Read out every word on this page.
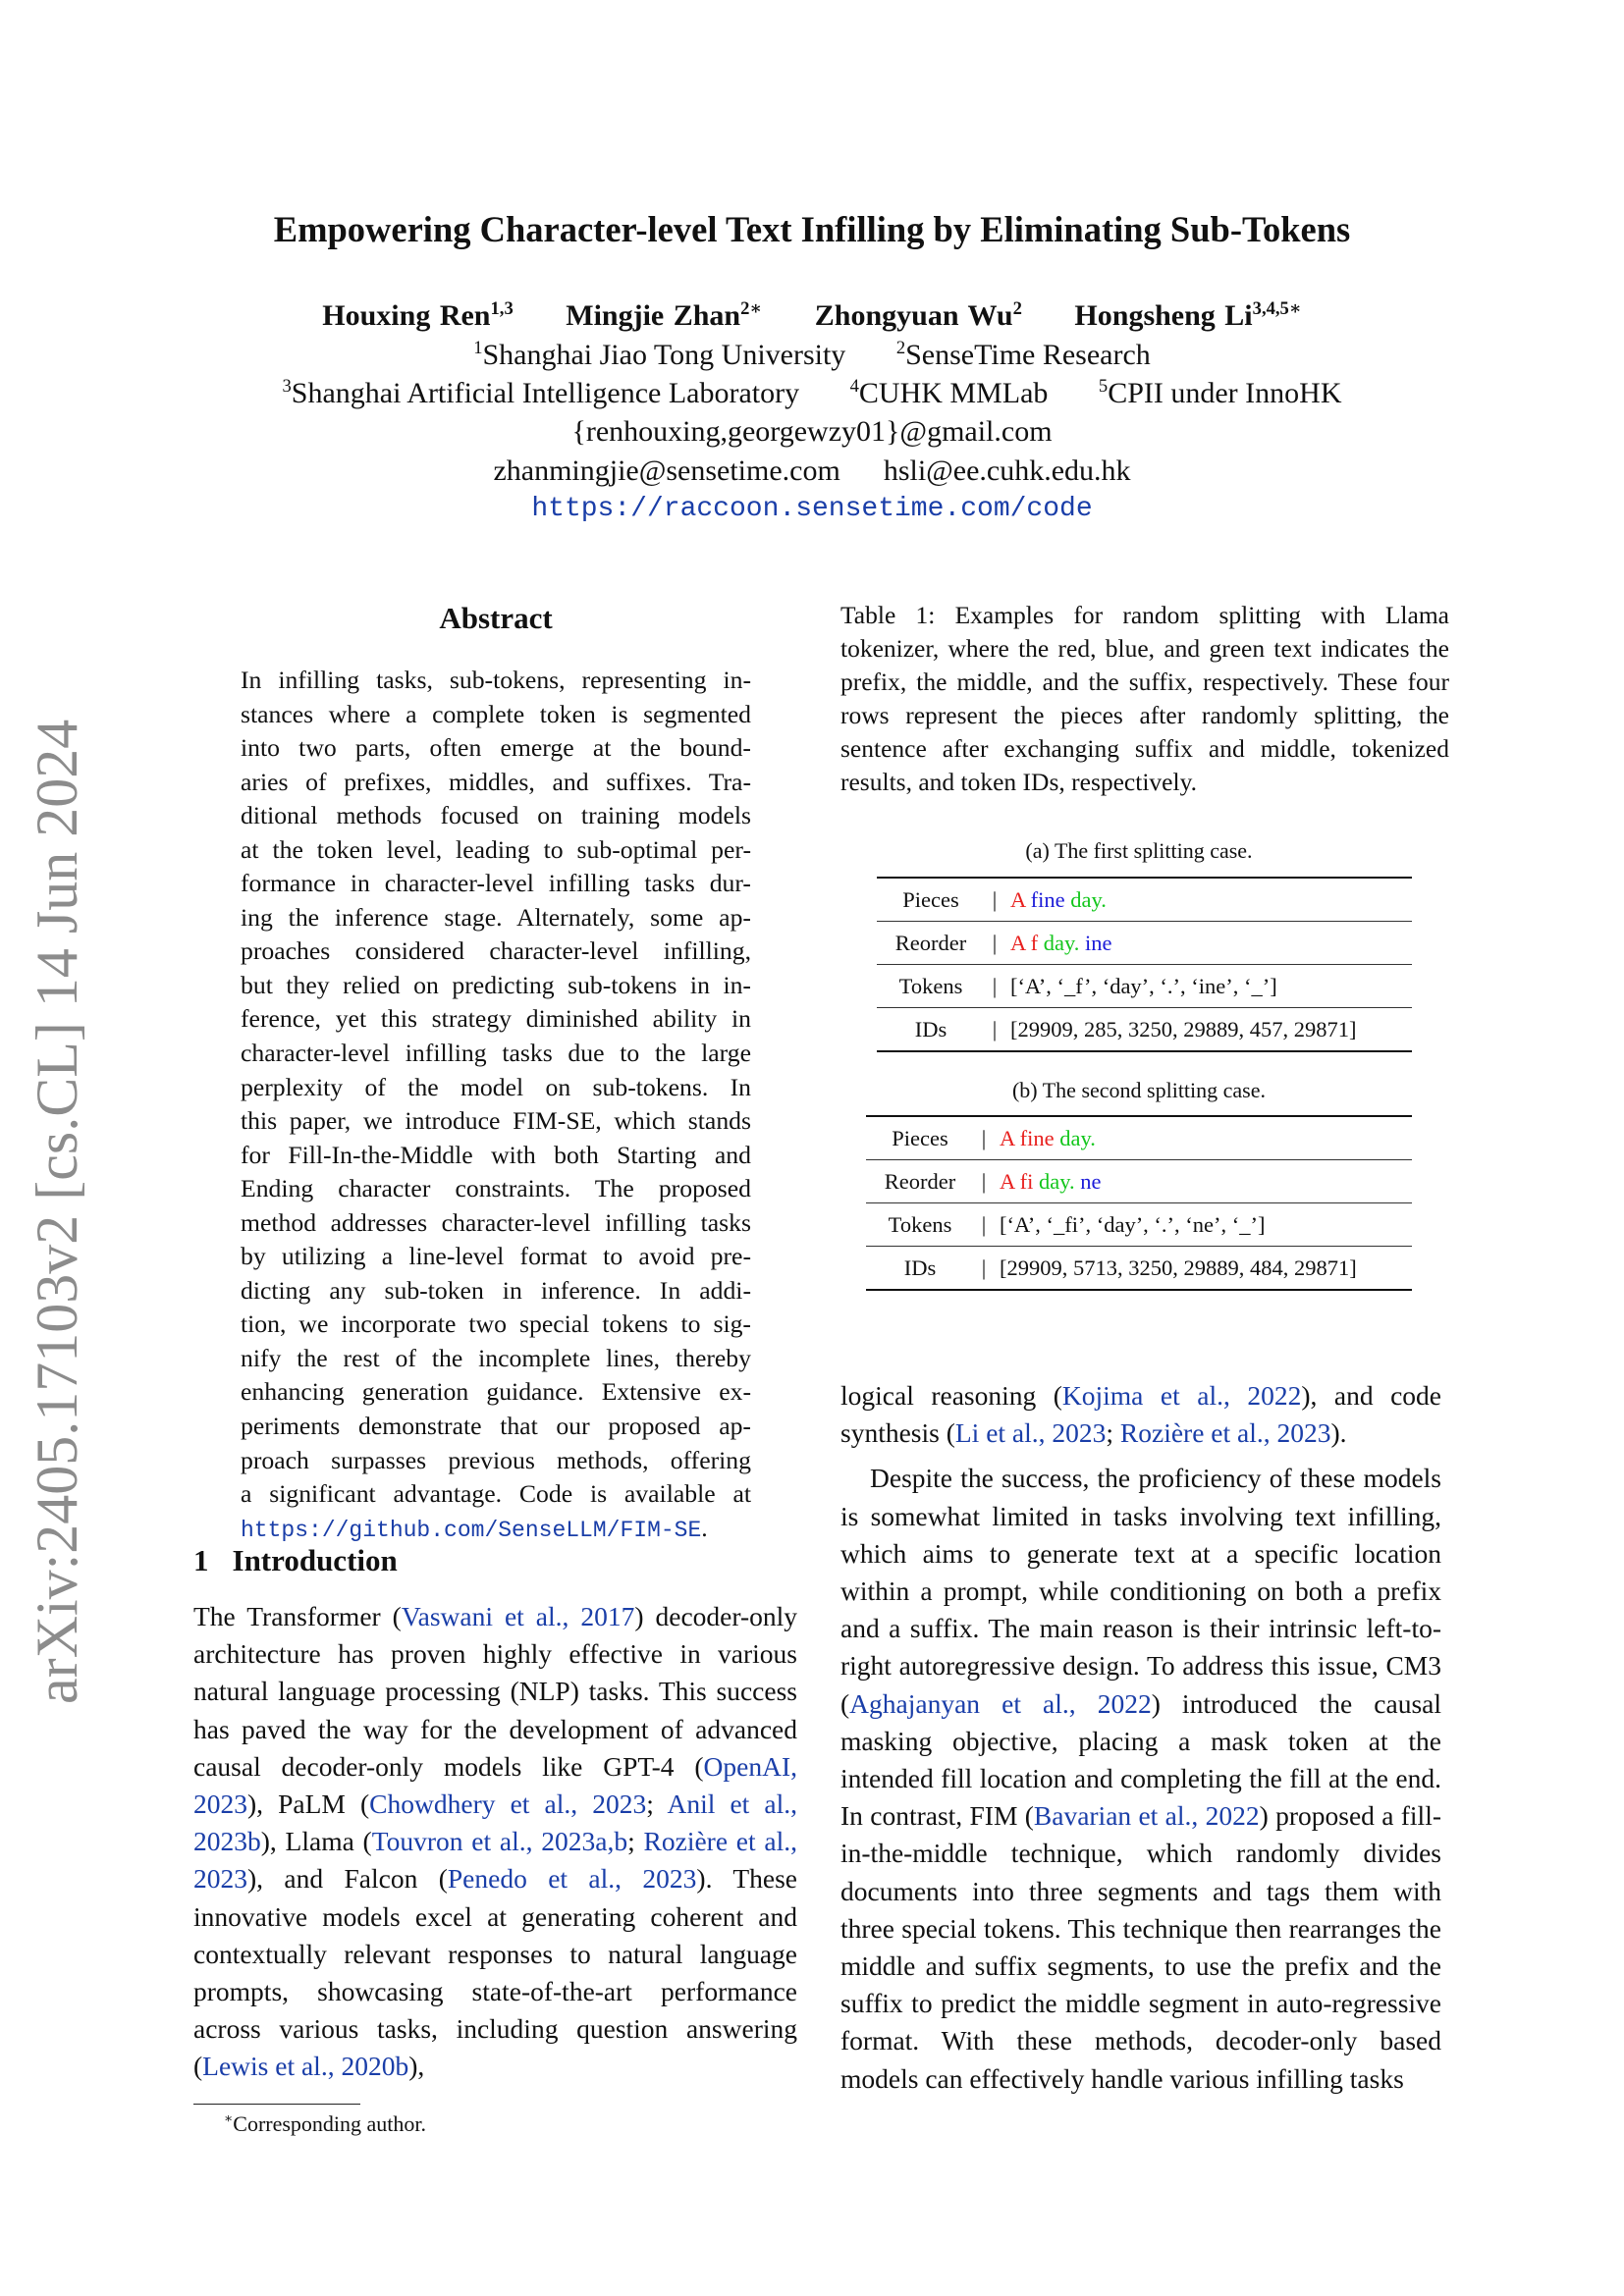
arXiv:2405.17103v2 [cs.CL] 14 Jun 2024
Empowering Character-level Text Infilling by Eliminating Sub-Tokens
Houxing Ren$^{1,3}$ Mingjie Zhan$^{2∗}$ Zhongyuan Wu$^2$ Hongsheng $Li^{3,4,5∗}$
$^1$Shanghai Jiao Tong University	$^2$SenseTime Research
$^3$Shanghai Artificial Intelligence Laboratory	$^4$CUHK MMLab	$^5$CPII under InnoHK
{renhouxing,georgewzy01}@gmail.com
zhanmingjie@sensetime.com hsli@ee.cuhk.edu.hk
https://raccoon.sensetime.com/code
Abstract
In infilling tasks, sub-tokens, representing in-
stances where a complete token is segmented
into two parts, often emerge at the bound-
aries of prefixes, middles, and suffixes. Tra-
ditional methods focused on training models
at the token level, leading to sub-optimal per-
formance in character-level infilling tasks dur-
ing the inference stage. Alternately, some ap-
proaches considered character-level infilling,
but they relied on predicting sub-tokens in in-
ference, yet this strategy diminished ability in
character-level infilling tasks due to the large
perplexity of the model on sub-tokens. In
this paper, we introduce FIM-SE, which stands
for Fill-In-the-Middle with both Starting and
Ending character constraints. The proposed
method addresses character-level infilling tasks
by utilizing a line-level format to avoid pre-
dicting any sub-token in inference. In addi-
tion, we incorporate two special tokens to sig-
nify the rest of the incomplete lines, thereby
enhancing generation guidance. Extensive ex-
periments demonstrate that our proposed ap-
proach surpasses previous methods, offering
a significant advantage. Code is available at
https://github.com/SenseLLM/FIM-SE.
1 Introduction
The Transformer (Vaswani et al., 2017) decoder-only architecture has proven highly effective in various natural language processing (NLP) tasks. This success has paved the way for the development of advanced causal decoder-only models like GPT-4 (OpenAI, 2023), PaLM (Chowdhery et al., 2023; Anil et al., 2023b), Llama (Touvron et al., 2023a,b; Rozière et al., 2023), and Falcon (Penedo et al., 2023). These innovative models excel at generating coherent and contextually relevant responses to natural language prompts, showcasing state-of-the-art performance across various tasks, including question answering (Lewis et al., 2020b),
∗Corresponding author.
Table 1: Examples for random splitting with Llama tokenizer, where the red, blue, and green text indicates the prefix, the middle, and the suffix, respectively. These four rows represent the pieces after randomly splitting, the sentence after exchanging suffix and middle, tokenized results, and token IDs, respectively.
(a) The first splitting case.
Pieces	|	A fine day.
Reorder	|	A f day. ine
Tokens	|	[‘A’, ‘_f’, ‘day’, ‘.’, ‘ine’, ‘_’]
IDs	|	[29909, 285, 3250, 29889, 457, 29871]
(b) The second splitting case.
Pieces	|	A fine day.
Reorder	|	A fi day. ne
Tokens	|	[‘A’, ‘_fi’, ‘day’, ‘.’, ‘ne’, ‘_’]
IDs	|	[29909, 5713, 3250, 29889, 484, 29871]

logical reasoning (Kojima et al., 2022), and code synthesis (Li et al., 2023; Rozière et al., 2023).

Despite the success, the proficiency of these models is somewhat limited in tasks involving text infilling, which aims to generate text at a specific location within a prompt, while conditioning on both a prefix and a suffix. The main reason is their intrinsic left-to-right autoregressive design. To address this issue, CM3 (Aghajanyan et al., 2022) introduced the causal masking objective, placing a mask token at the intended fill location and completing the fill at the end. In contrast, FIM (Bavarian et al., 2022) proposed a fill-in-the-middle technique, which randomly divides documents into three segments and tags them with three special tokens. This technique then rearranges the middle and suffix segments, to use the prefix and the suffix to predict the middle segment in auto-regressive format. With these methods, decoder-only based models can effectively handle various infilling tasks
